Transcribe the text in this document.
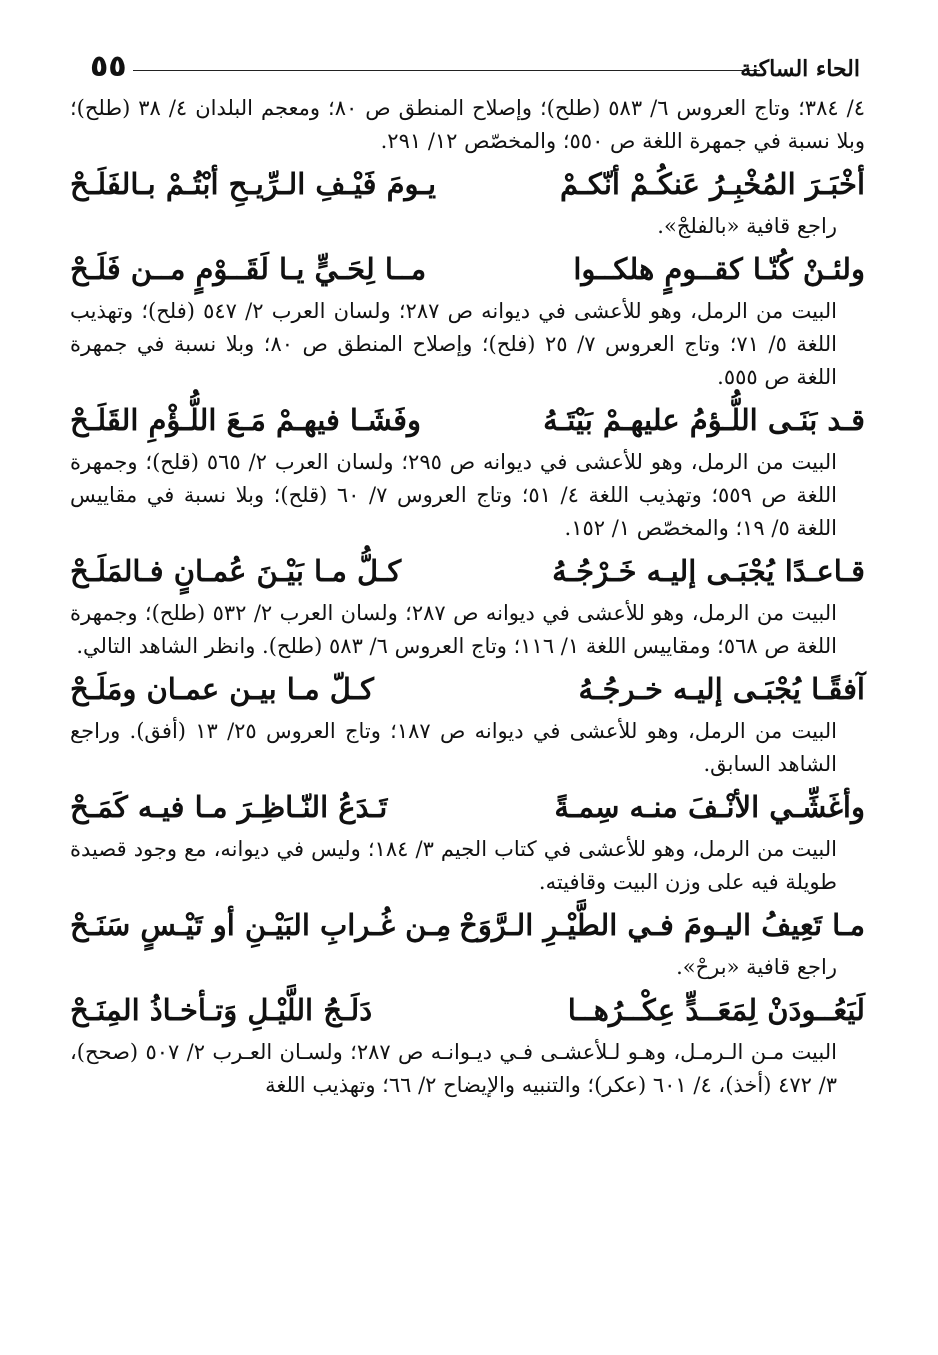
٥٥	الحاء الساكنة

٤/ ٣٨٤؛ وتاج العروس ٦/ ٥٨٣ (طلح)؛ وإصلاح المنطق ص ٨٠؛ ومعجم البلدان ٤/ ٣٨ (طلح)؛ وبلا نسبة في جمهرة اللغة ص ٥٥٠؛ والمخصّص ١٢/ ٢٩١.

أخْبَـرَ المُخْبِـرُ عَنكُـمْ أنّكـمْ
يـومَ فَيْـفِ الـرِّيـحِ أبْتُـمْ بـالفَلَـحْ

راجع قافية «بالفلجْ».

ولئـنْ كُنّـا كقــومٍ هلكــوا
مــا لِحَـيٍّ يـا لَقَــوْمٍ مــن فَلَـحْ

البيت من الرمل، وهو للأعشى في ديوانه ص ٢٨٧؛ ولسان العرب ٢/ ٥٤٧ (فلح)؛ وتهذيب اللغة ٥/ ٧١؛ وتاج العروس ٧/ ٢٥ (فلح)؛ وإصلاح المنطق ص ٨٠؛ وبلا نسبة في جمهرة اللغة ص ٥٥٥.

قـد بَنَـى اللُّـؤمُ عليهـمْ بَيْتَـهُ
وفَشَـا فيهـمْ مَـعَ اللُّـؤْمِ القَلَـحْ

البيت من الرمل، وهو للأعشى في ديوانه ص ٢٩٥؛ ولسان العرب ٢/ ٥٦٥ (قلح)؛ وجمهرة اللغة ص ٥٥٩؛ وتهذيب اللغة ٤/ ٥١؛ وتاج العروس ٧/ ٦٠ (قلح)؛ وبلا نسبة في مقاييس اللغة ٥/ ١٩؛ والمخصّص ١/ ١٥٢.

قـاعـدًا يُجْبَـى إليـه خَـرْجُـهُ
كـلُّ مـا بَيْـنَ عُمـانٍ فـالمَلَـحْ

البيت من الرمل، وهو للأعشى في ديوانه ص ٢٨٧؛ ولسان العرب ٢/ ٥٣٢ (طلح)؛ وجمهرة اللغة ص ٥٦٨؛ ومقاييس اللغة ١/ ١١٦؛ وتاج العروس ٦/ ٥٨٣ (طلح). وانظر الشاهد التالي.

آفقًـا يُجْبَـى إليـه خـرجُـهُ
كـلّ مـا بيـن عمـان ومَلَـحْ

البيت من الرمل، وهو للأعشى في ديوانه ص ١٨٧؛ وتاج العروس ٢٥/ ١٣ (أفق). وراجع الشاهد السابق.

وأغَشِّـي الأنْـفَ منـه سِمـةً
تَـدَعُ النّـاظِـرَ مـا فيـه كَمَـحْ

البيت من الرمل، وهو للأعشى في كتاب الجيم ٣/ ١٨٤؛ وليس في ديوانه، مع وجود قصيدة طويلة فيه على وزن البيت وقافيته.

مـا تَعِيفُ اليـومَ فـي الطَّيْـرِ الـرَّوَحْ
مِـن غُـرابِ البَيْـنِ أو تَيْـسٍ سَنَـحْ

راجع قافية «برحْ».

لَيَعُــودَنْ لِمَعَــدٍّ عِكْــرُهــا
دَلَـجُ اللَّيْـلِ وَتـأخـاذُ المِنَـحْ

البيت مـن الـرمـل، وهـو لـلأعشـى فـي ديـوانـه ص ٢٨٧؛ ولسـان العـرب ٢/ ٥٠٧ (صحح)، ٣/ ٤٧٢ (أخذ)، ٤/ ٦٠١ (عكر)؛ والتنبيه والإيضاح ٢/ ٦٦؛ وتهذيب اللغة
